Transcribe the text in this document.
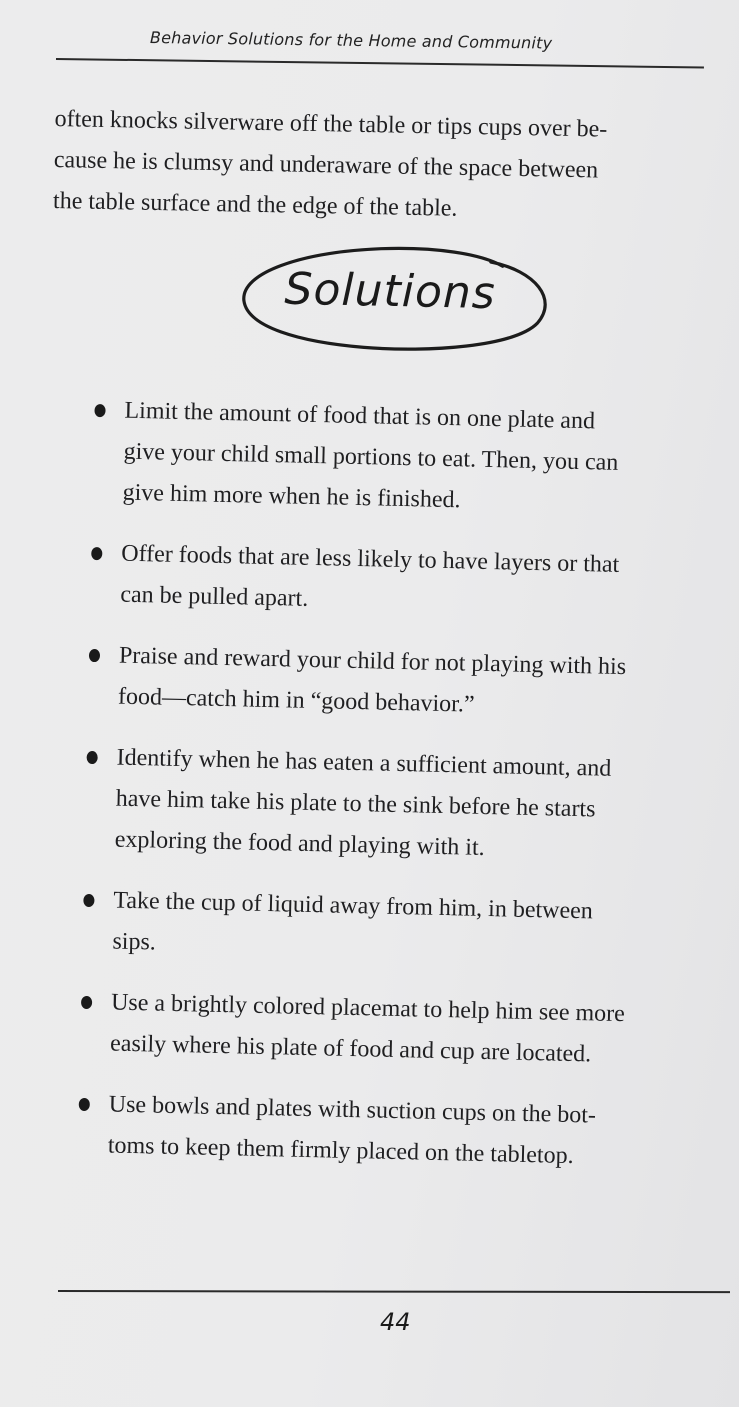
Behavior Solutions for the Home and Community

often knocks silverware off the table or tips cups over be-
cause he is clumsy and underaware of the space between
the table surface and the edge of the table.

Solutions
Limit the amount of food that is on one plate and
give your child small portions to eat. Then, you can
give him more when he is finished.
Offer foods that are less likely to have layers or that
can be pulled apart.
Praise and reward your child for not playing with his
food—catch him in “good behavior.”
Identify when he has eaten a sufficient amount, and
have him take his plate to the sink before he starts
exploring the food and playing with it.
Take the cup of liquid away from him, in between
sips.
Use a brightly colored placemat to help him see more
easily where his plate of food and cup are located.
Use bowls and plates with suction cups on the bot-
toms to keep them firmly placed on the tabletop.
44
